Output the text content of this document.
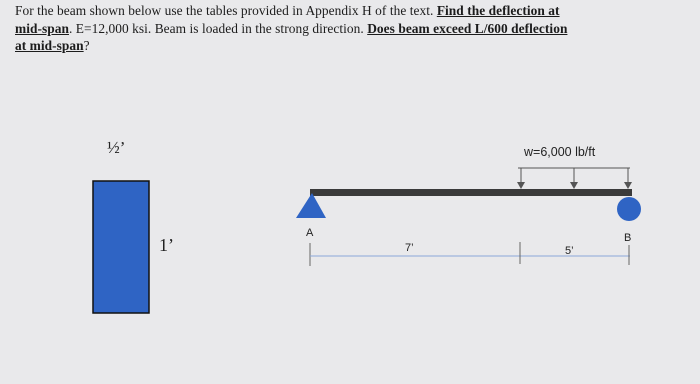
For the beam shown below use the tables provided in Appendix H of the text. Find the deflection at
mid-span. E=12,000 ksi. Beam is loaded in the strong direction. Does beam exceed L/600 deflection
at mid-span?
½’
1’
w=6,000 lb/ft
A	B
7’	5’
